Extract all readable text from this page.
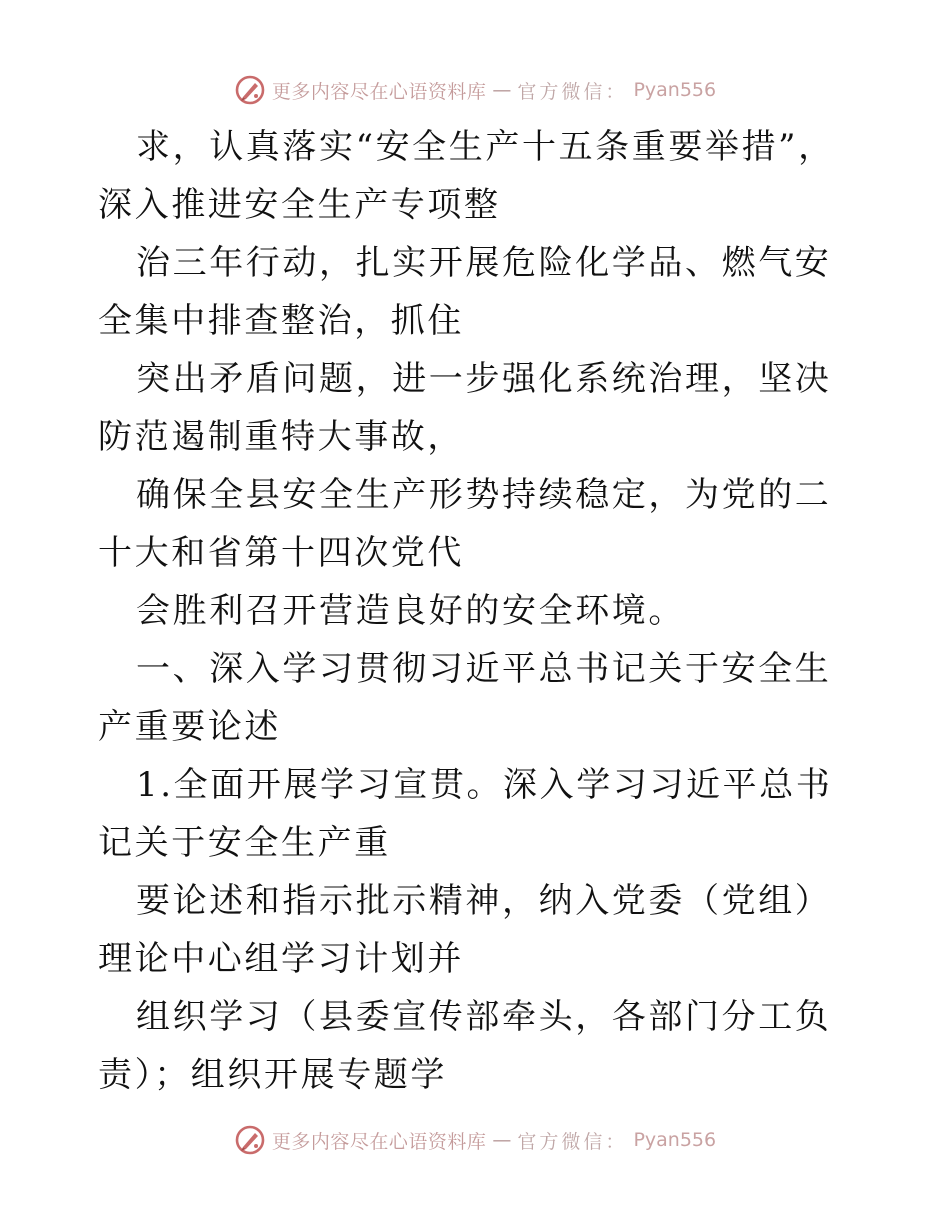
更多内容尽在心语资料库 — 官方微信： Pyan556

求，认真落实“安全生产十五条重要举措”，深入推进安全生产专项整

治三年行动，扎实开展危险化学品、燃气安全集中排查整治，抓住

突出矛盾问题，进一步强化系统治理，坚决防范遏制重特大事故，

确保全县安全生产形势持续稳定，为党的二十大和省第十四次党代

会胜利召开营造良好的安全环境。

一、深入学习贯彻习近平总书记关于安全生产重要论述

1.全面开展学习宣贯。深入学习习近平总书记关于安全生产重

要论述和指示批示精神，纳入党委（党组）理论中心组学习计划并

组织学习（县委宣传部牵头，各部门分工负责）；组织开展专题学

更多内容尽在心语资料库 — 官方微信： Pyan556
